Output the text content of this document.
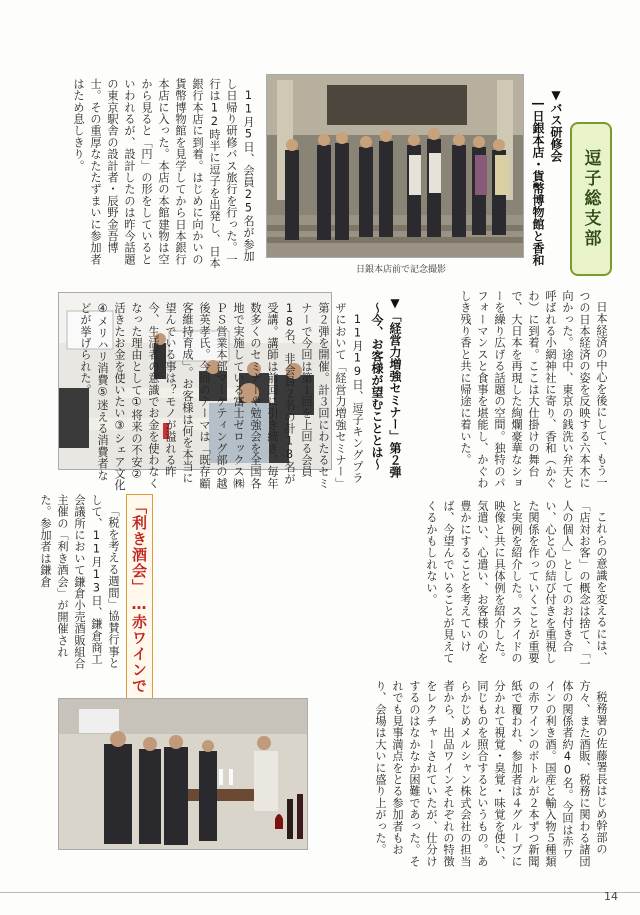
逗子総支部
▼バス研修会
―日銀本店・貨幣博物館と香和
日銀本店前で記念撮影

11月5日、会員25名が参加し日帰り研修バス旅行を行った。一行は12時半に逗子を出発し、日本銀行本店に到着。はじめに向かいの貨幣博物館を見学してから日本銀行本店に入った。本店の本館建物は空から見ると「円」の形をしているといわれるが、設計したのは昨今話題の東京駅舎の設計者・辰野金吾博士。その重厚なたたずまいに参加者はため息しきり。

日本経済の中心を後にして、もう一つの日本経済の姿を反映する六本木に向かった。途中、東京の銭洗い弁天と呼ばれる小網神社に寄り、香和（かぐわ）に到着。ここは大仕掛けの舞台で、大日本を再現した絢爛豪華なショーを繰り広げる話題の空間。独特のパフォーマンスと食事を堪能し、かぐわしき残り香と共に帰途に着いた。

▼「経営力増強セミナー」第２弾
～今、お客様が望むこととは～

11月19日、逗子キングプラザにおいて「経営力増強セミナー」第２弾を開催。計３回にわたるセミナーで今回は第１回を上回る会員18名、非会員２名の計18名が受講。講師は前回に引き続き、毎年数多くのセミナーや勉強会を全国各地で実施している富士ゼロックス㈱ＰＳ営業本部マーケティング部の越後英孝氏。今回のテーマは「既存顧客維持育成」。お客様は何を本当に望んでいる事は？モノが溢れる昨今、生活者の意識でお金を使わなくなった理由として①将来の不安②活きたお金を使いたい③シェア文化④メリハリ消費⑤迷える消費者などが挙げられた。

これらの意識を変えるには、「店対お客」の概念は捨て、「一人の個人」としてのお付き合い、心と心の結び付きを重視した関係を作っていくことが重要と実例を紹介した。スライドの映像と共に具体例を紹介した。気遣い、心遣い、お客様の心を豊かにすることを考えていけば、今望んでいることが見えてくるかもしれない。

「利き酒会」…赤ワインで

「税を考える週間」協賛行事として、11月13日、鎌倉商工会議所において鎌倉小売酒販組合主催の「利き酒会」が開催された。参加者は鎌倉

税務署の佐藤署長はじめ幹部の方々、また酒販、税務に関わる諸団体の関係者約40名。今回は赤ワインの利き酒。国産と輸入物５種類の赤ワインのボトルが２本ずつ新聞紙で覆われ、参加者は４グループに分かれて視覚・臭覚・味覚を使い、同じものを照合するというもの。あらかじめメルシャン株式会社の担当者から、出品ワインそれぞれの特徴をレクチャーされていたが、仕分けするのはなかなか困難であった。それでも見事満点をとる参加者もおり、会場は大いに盛り上がった。

14
